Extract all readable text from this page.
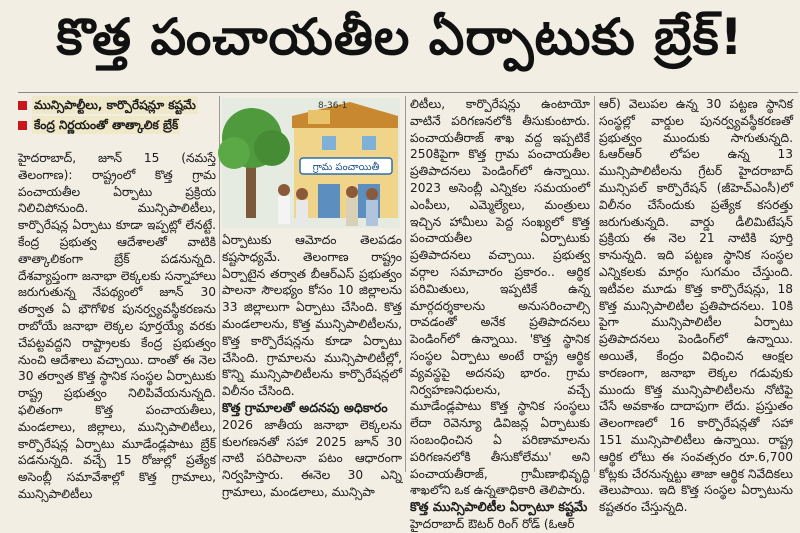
కొత్త పంచాయతీల ఏర్పాటుకు బ్రేక్!
మున్సిపాల్టీలు, కార్పొరేషన్లూ కష్టమే
కేంద్ర నిర్ణయంతో తాత్కాలిక బ్రేక్

హైదరాబాద్, జూన్ 15 (నమస్తే తెలంగాణ): రాష్ట్రంలో కొత్త గ్రామ పంచాయతీల ఏర్పాటు ప్రక్రియ నిలిచిపోనుంది. మున్సిపాలిటీలు, కార్పొరేషన్ల ఏర్పాటు కూడా ఇప్పట్లో లేనట్టే. కేంద్ర ప్రభుత్వ ఆదేశాలతో వాటికి తాత్కాలికంగా బ్రేక్ పడనున్నది. దేశవ్యాప్తంగా జనాభా లెక్కలకు సన్నాహాలు జరుగుతున్న నేపథ్యంలో జూన్ 30 తర్వాత ఏ భౌగోళిక పునర్వ్యవస్థీకరణను రాబోయే జనాభా లెక్కల పూర్తయ్యే వరకు చేపట్టవద్దని రాష్ట్రాలకు కేంద్ర ప్రభుత్వం నుంచి ఆదేశాలు వచ్చాయి. దాంతో ఈ నెల 30 తర్వాత కొత్త స్థానిక సంస్థల ఏర్పాటుకు రాష్ట్ర ప్రభుత్వం నిలిపివేయనున్నది. ఫలితంగా కొత్త పంచాయతీలు, మండలాలు, జిల్లాలు, మున్సిపాలిటీలు, కార్పొరేషన్ల ఏర్పాటు మూడేండ్లపాటు బ్రేక్ పడనున్నది. వచ్చే 15 రోజుల్లో ప్రత్యేక అసెంబ్లీ సమావేశాల్లో కొత్త గ్రామాలు, మున్సిపాలిటీలు

గ్రామ పంచాయితీ
8-36-1

ఏర్పాటుకు ఆమోదం తెలపడం కష్టసాధ్యమే. తెలంగాణ రాష్ట్రం ఏర్పాటైన తర్వాత బీఆర్ఎస్ ప్రభుత్వం పాలనా సౌలభ్యం కోసం 10 జిల్లాలను 33 జిల్లాలుగా ఏర్పాటు చేసింది. కొత్త మండలాలను, కొత్త మున్సిపాలిటీలను, కొత్త కార్పొరేషన్లను కూడా ఏర్పాటు చేసింది. గ్రామాలను మున్సిపాలిటీల్లో, కొన్ని మున్సిపాలిటీలను కార్పొరేషన్లలో విలీనం చేసింది.

కొత్త గ్రామాలతో అదనపు అధికారం

2026 జాతీయ జనాభా లెక్కలను కులగణనతో సహా 2025 జూన్ 30 నాటి పరిపాలనా పటం ఆధారంగా నిర్వహిస్తారు. ఈనెల 30 ఎన్ని గ్రామాలు, మండలాలు, మున్సిపా

లిటీలు, కార్పొరేషన్లు ఉంటాయో వాటినే పరిగణనలోకి తీసుకుంటారు. పంచాయతీరాజ్ శాఖ వద్ద ఇప్పటికే 250కిపైగా కొత్త గ్రామ పంచాయతీల ప్రతిపాదనలు పెండింగ్‌లో ఉన్నాయి. 2023 అసెంబ్లీ ఎన్నికల సమయంలో ఎంపీలు, ఎమ్మెల్యేలు, మంత్రులు ఇచ్చిన హామీలు పెద్ద సంఖ్యలో కొత్త పంచాయతీల ఏర్పాటుకు ప్రతిపాదనలు వచ్చాయి. ప్రభుత్వ వర్గాల సమాచారం ప్రకారం.. ఆర్థిక పరిమితులు, ఇప్పటికే ఉన్న మార్గదర్శకాలను అనుసరించాల్సి రావడంతో అనేక ప్రతిపాదనలు పెండింగ్‌లో ఉన్నాయి. 'కొత్త స్థానిక సంస్థల ఏర్పాటు అంటే రాష్ట్ర ఆర్థిక వ్యవస్థపై అదనపు భారం. గ్రామ నిర్వహణనిధులను, వచ్చే మూడేండ్లపాటు కొత్త స్థానిక సంస్థలు లేదా రెవెన్యూ డివిజన్ల ఏర్పాటుకు సంబంధించిన ఏ పరిణామాలను పరిగణనలోకి తీసుకోలేము' అని పంచాయతీరాజ్, గ్రామీణాభివృద్ధి శాఖలోని ఒక ఉన్నతాధికారి తెలిపారు.

కొత్త మున్సిపాలిటీల ఏర్పాటూ కష్టమే

హైదరాబాద్ ఔటర్ రింగ్ రోడ్ (ఓఆర్

ఆర్) వెలుపల ఉన్న 30 పట్టణ స్థానిక సంస్థల్లో వార్డుల పునర్వ్యవస్థీకరణతో ప్రభుత్వం ముందుకు సాగుతున్నది. ఓఆర్ఆర్ లోపల ఉన్న 13 మున్సిపాలిటీలను గ్రేటర్ హైదరాబాద్ మున్సిపల్ కార్పొరేషన్ (జీహెచ్ఎంసీ)లో విలీనం చేసేందుకు ప్రత్యేక కసరత్తు జరుగుతున్నది. వార్డు డీలిమిటేషన్ ప్రక్రియ ఈ నెల 21 నాటికి పూర్తి కానున్నది. ఇది పట్టణ స్థానిక సంస్థల ఎన్నికలకు మార్గం సుగమం చేస్తుంది. ఇటీవల మూడు కొత్త కార్పొరేషన్లు, 18 కొత్త మున్సిపాలిటీల ప్రతిపాదనలు. 10కి పైగా మున్సిపాలిటీల ఏర్పాటు ప్రతిపాదనలు పెండింగ్‌లో ఉన్నాయి. అయితే, కేంద్రం విధించిన ఆంక్షల కారణంగా, జనాభా లెక్కల గడువుకు ముందు కొత్త మున్సిపాలిటీలను నోటిఫై చేసే అవకాశం దాదాపుగా లేదు. ప్రస్తుతం తెలంగాణలో 16 కార్పొరేషన్లతో సహా 151 మున్సిపాలిటీలు ఉన్నాయి. రాష్ట్ర ఆర్థిక లోటు ఈ సంవత్సరం రూ.6,700 కోట్లకు చేరనున్నట్టు తాజా ఆర్థిక నివేదికలు తెలుపాయి. ఇది కొత్త సంస్థల ఏర్పాటును కష్టతరం చేస్తున్నది.
